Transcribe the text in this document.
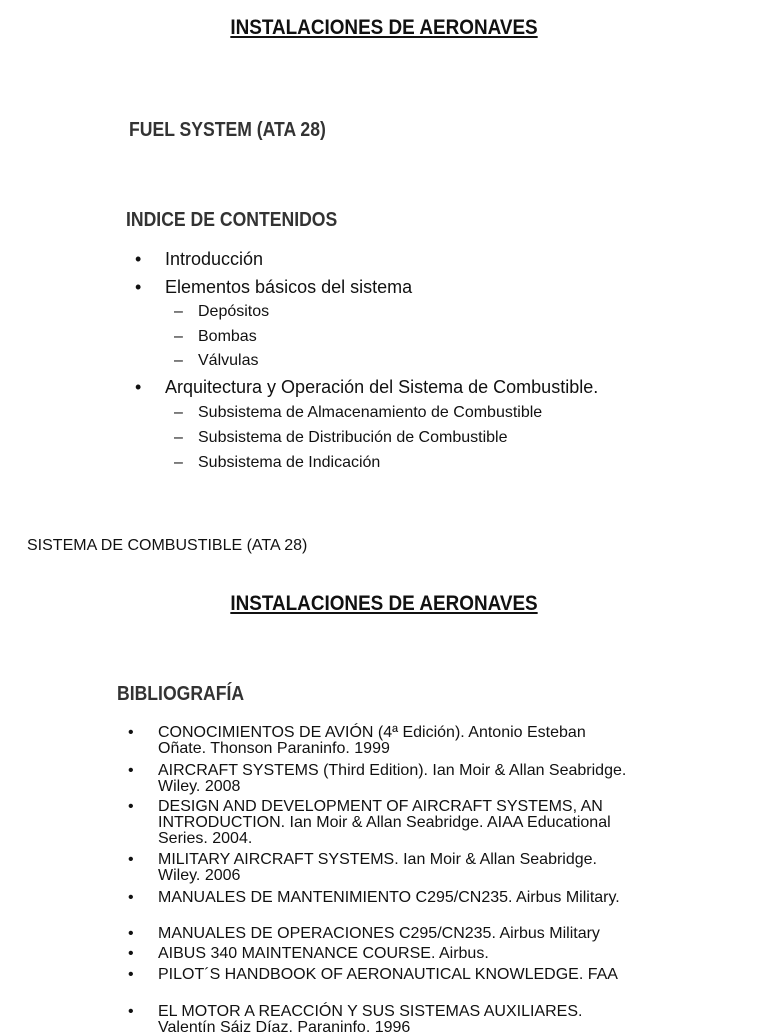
INSTALACIONES DE AERONAVES
FUEL SYSTEM (ATA 28)
INDICE DE CONTENIDOS
• Introducción
• Elementos básicos del sistema
– Depósitos
– Bombas
– Válvulas
• Arquitectura y Operación del Sistema de Combustible.
– Subsistema de Almacenamiento de Combustible
– Subsistema de Distribución de Combustible
– Subsistema de Indicación
SISTEMA DE COMBUSTIBLE (ATA 28)
INSTALACIONES DE AERONAVES
BIBLIOGRAFÍA
• CONOCIMIENTOS DE AVIÓN (4ª Edición). Antonio Esteban Oñate. Thonson Paraninfo. 1999
• AIRCRAFT SYSTEMS (Third Edition). Ian Moir & Allan Seabridge. Wiley. 2008
• DESIGN AND DEVELOPMENT OF AIRCRAFT SYSTEMS, AN INTRODUCTION. Ian Moir & Allan Seabridge. AIAA Educational Series. 2004.
• MILITARY AIRCRAFT SYSTEMS. Ian Moir & Allan Seabridge. Wiley. 2006
• MANUALES DE MANTENIMIENTO C295/CN235. Airbus Military.
• MANUALES DE OPERACIONES C295/CN235. Airbus Military
• AIBUS 340 MAINTENANCE COURSE. Airbus.
• PILOT´S HANDBOOK OF AERONAUTICAL KNOWLEDGE. FAA
• EL MOTOR A REACCIÓN Y SUS SISTEMAS AUXILIARES. Valentín Sáiz Díaz. Paraninfo. 1996
